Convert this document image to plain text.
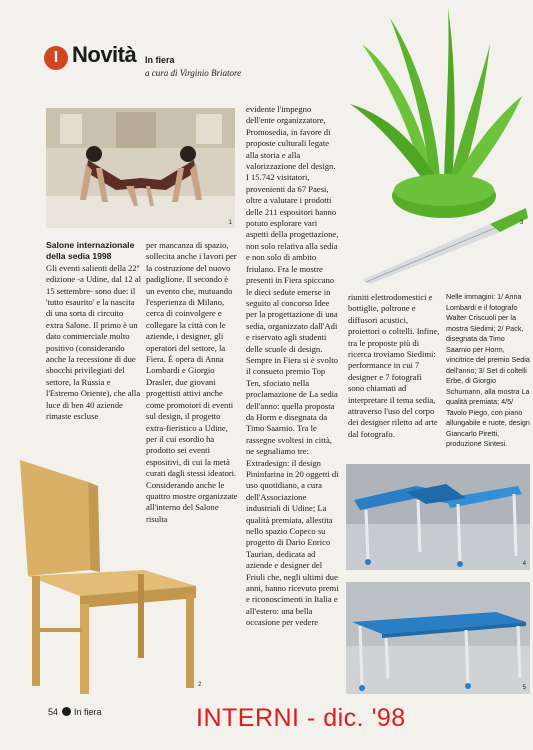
I Novità In fiera
a cura di Virginio Briatore
1	3

Salone internazionale della sedia 1998

Gli eventi salienti della 22ª edizione -a Udine, dal 12 al 15 settembre- sono due: il 'tutto esaurito' e la nascita di una sorta di circuito extra Salone. Il primo è un dato commerciale molto positivo (considerando anche la recessione di due sbocchi privilegiati del settore, la Russia e l'Estremo Oriente), che alla luce di ben 40 aziende rimaste escluse

per mancanza di spazio, sollecita anche i lavori per la costruzione del nuovo padiglione. Il secondo è un evento che, mutuando l'esperienza di Milano, cerca di coinvolgere e collegare la città con le aziende, i designer, gli operatori del settore, la Fiera. È opera di Anna Lombardi e Giorgio Drasler, due giovani progettisti attivi anche come promotori di eventi sul design, il progetto extra-fieristico a Udine, per il cui esordio ha prodotto sei eventi espositivi, di cui la metà curati dagli stessi ideatori. Considerando anche le quattro mostre organizzate all'interno del Salone risulta

evidente l'impegno dell'ente organizzatore, Promosedia, in favore di proposte culturali legate alla storia e alla valorizzazione del design. I 15.742 visitatori, provenienti da 67 Paesi, oltre a valutare i prodotti delle 211 espositori hanno potuto esplorare vari aspetti della progettazione, non solo relativa alla sedia e non solo di ambito friulano. Fra le mostre presenti in Fiera spiccano le dieci sedute emerse in seguito al concorso Idee per la progettazione di una sedia, organizzato dall'Adi e riservato agli studenti delle scuole di design. Sempre in Fiera si è svolto il consueto premio Top Ten, sfociato nella proclamazione de La sedia dell'anno: quella proposta da Horm e disegnata da Timo Saarnio. Tra le rassegne svoltesi in città, ne segnaliamo tre: Extradesign: il design Pininfarina in 20 oggetti di uso quotidiano, a cura dell'Associazione industriali di Udine; La qualità premiata, allestita nello spazio Copeco su progetto di Dario Enrico Taurian, dedicata ad aziende e designer del Friuli che, negli ultimi due anni, hanno ricevuto premi e riconoscimenti in Italia e all'estero: una bella occasione per vedere

riuniti elettrodomestici e bottiglie, poltrone e diffusori acustici, proiettori o coltelli. Infine, tra le proposte più di ricerca troviamo Siedimi: performance in cui 7 designer e 7 fotografi sono chiamati ad interpretare il tema sedia, attraverso l'uso del corpo dei designer riletto ad arte dal fotografo.

Nelle immagini: 1/ Anna Lombardi e il fotografo Walter Criscuoli per la mostra Siedimi; 2/ Pack, disegnata da Timo Saarnio per Horm, vincitrice del premio Sedia dell'anno; 3/ Set di coltelli Erbe, di Giorgio Schumann, alla mostra La qualità premiata; 4/5/ Tavolo Piego, con piano allungabile e ruote, design Giancarlo Piretti, produzione Sintesi.
2
4
5
54 In fiera	INTERNI - dic. '98
